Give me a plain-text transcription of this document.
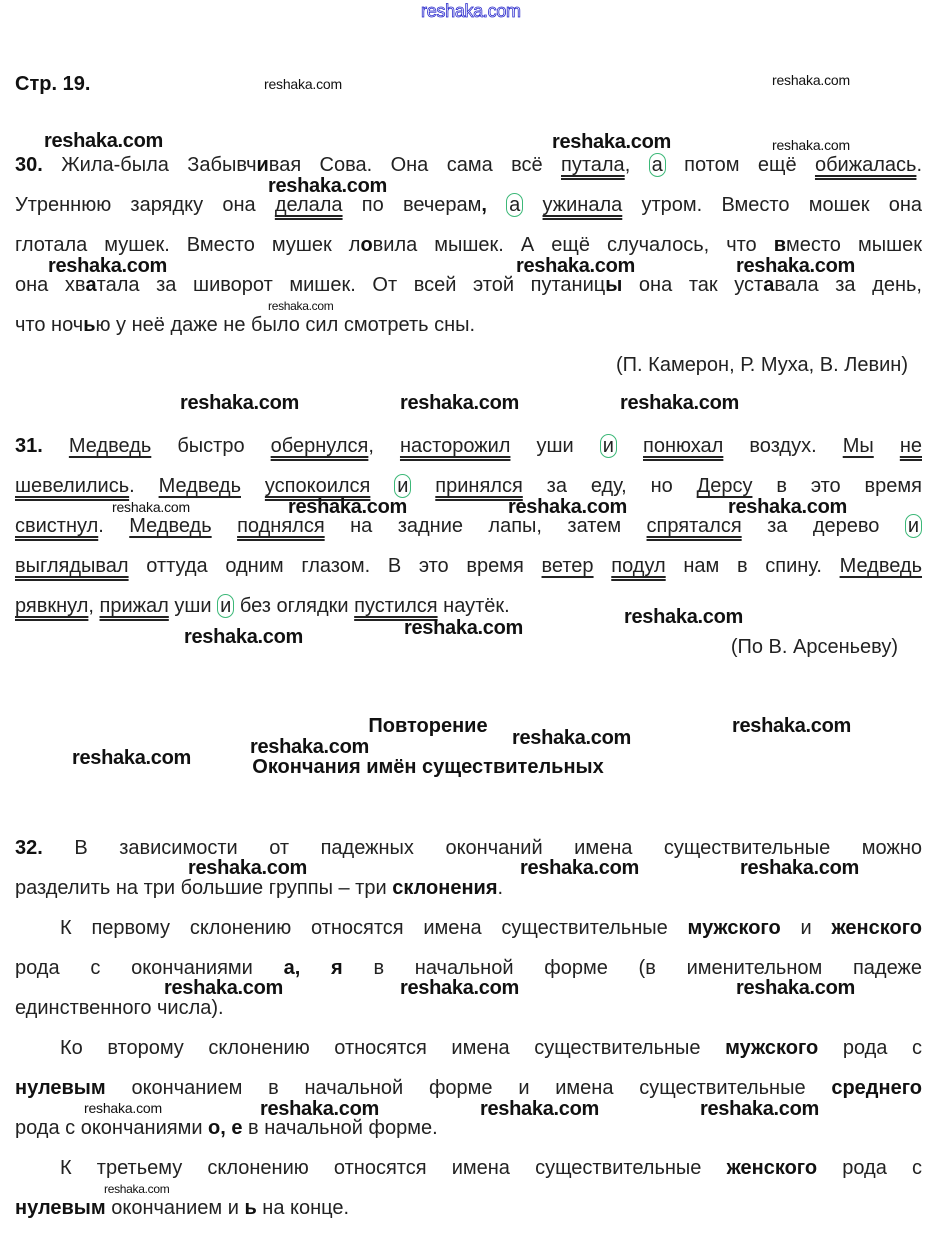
reshaka.com
Стр. 19.
30. Жила-была Забывчивая Сова. Она сама всё путала, а потом ещё обижалась.
Утреннюю зарядку она делала по вечерам, а ужинала утром. Вместо мошек она
глотала мушек. Вместо мушек ловила мышек. А ещё случалось, что вместо мышек
она хватала за шиворот мишек. От всей этой путаницы она так уставала за день,
что ночью у неё даже не было сил смотреть сны.
(П. Камерон, Р. Муха, В. Левин)
31. Медведь быстро обернулся, насторожил уши и понюхал воздух. Мы не
шевелились. Медведь успокоился и принялся за еду, но Дерсу в это время
свистнул. Медведь поднялся на задние лапы, затем спрятался за дерево и
выглядывал оттуда одним глазом. В это время ветер подул нам в спину. Медведь
рявкнул, прижал уши и без оглядки пустился наутёк.
(По В. Арсеньеву)
Повторение
Окончания имён существительных
32. В зависимости от падежных окончаний имена существительные можно
разделить на три большие группы – три склонения.
К первому склонению относятся имена существительные мужского и женского
рода с окончаниями а, я в начальной форме (в именительном падеже
единственного числа).
Ко второму склонению относятся имена существительные мужского рода с
нулевым окончанием в начальной форме и имена существительные среднего
рода с окончаниями о, е в начальной форме.
К третьему склонению относятся имена существительные женского рода с
нулевым окончанием и ь на конце.
reshaka.com	reshaka.com
reshaka.com	reshaka.com	reshaka.com
reshaka.com
reshaka.com	reshaka.com	reshaka.com
reshaka.com
reshaka.com	reshaka.com	reshaka.com
reshaka.com	reshaka.com	reshaka.com	reshaka.com
reshaka.com
reshaka.com
reshaka.com
reshaka.com
reshaka.com
reshaka.com
reshaka.com
reshaka.com	reshaka.com	reshaka.com
reshaka.com	reshaka.com	reshaka.com
reshaka.com	reshaka.com	reshaka.com	reshaka.com
reshaka.com
